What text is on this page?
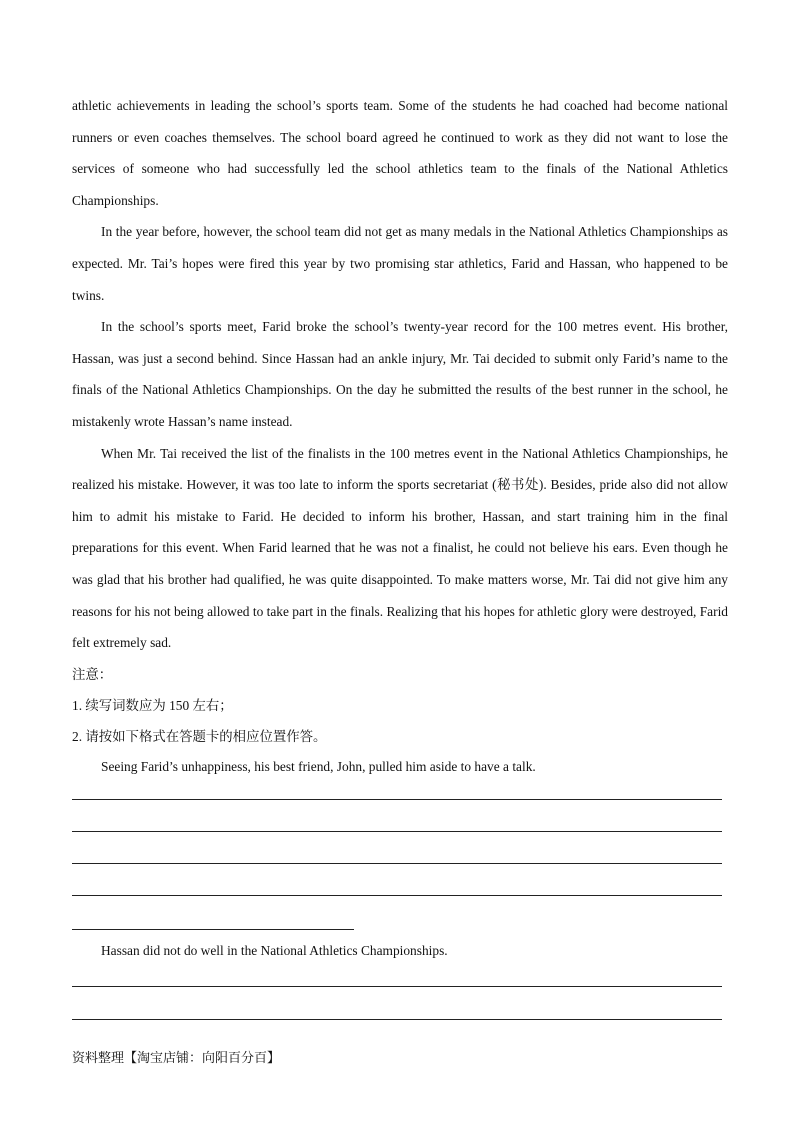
athletic achievements in leading the school’s sports team. Some of the students he had coached had become national runners or even coaches themselves. The school board agreed he continued to work as they did not want to lose the services of someone who had successfully led the school athletics team to the finals of the National Athletics Championships.

In the year before, however, the school team did not get as many medals in the National Athletics Championships as expected. Mr. Tai’s hopes were fired this year by two promising star athletics, Farid and Hassan, who happened to be twins.

In the school’s sports meet, Farid broke the school’s twenty-year record for the 100 metres event. His brother, Hassan, was just a second behind. Since Hassan had an ankle injury, Mr. Tai decided to submit only Farid’s name to the finals of the National Athletics Championships. On the day he submitted the results of the best runner in the school, he mistakenly wrote Hassan’s name instead.

When Mr. Tai received the list of the finalists in the 100 metres event in the National Athletics Championships, he realized his mistake. However, it was too late to inform the sports secretariat (秘书处). Besides, pride also did not allow him to admit his mistake to Farid. He decided to inform his brother, Hassan, and start training him in the final preparations for this event. When Farid learned that he was not a finalist, he could not believe his ears. Even though he was glad that his brother had qualified, he was quite disappointed. To make matters worse, Mr. Tai did not give him any reasons for his not being allowed to take part in the finals. Realizing that his hopes for athletic glory were destroyed, Farid felt extremely sad.

注意：
1. 续写词数应为 150 左右；
2. 请按如下格式在答题卡的相应位置作答。
Seeing Farid’s unhappiness, his best friend, John, pulled him aside to have a talk.
Hassan did not do well in the National Athletics Championships.
资料整理【淘宝店铺：向阳百分百】
